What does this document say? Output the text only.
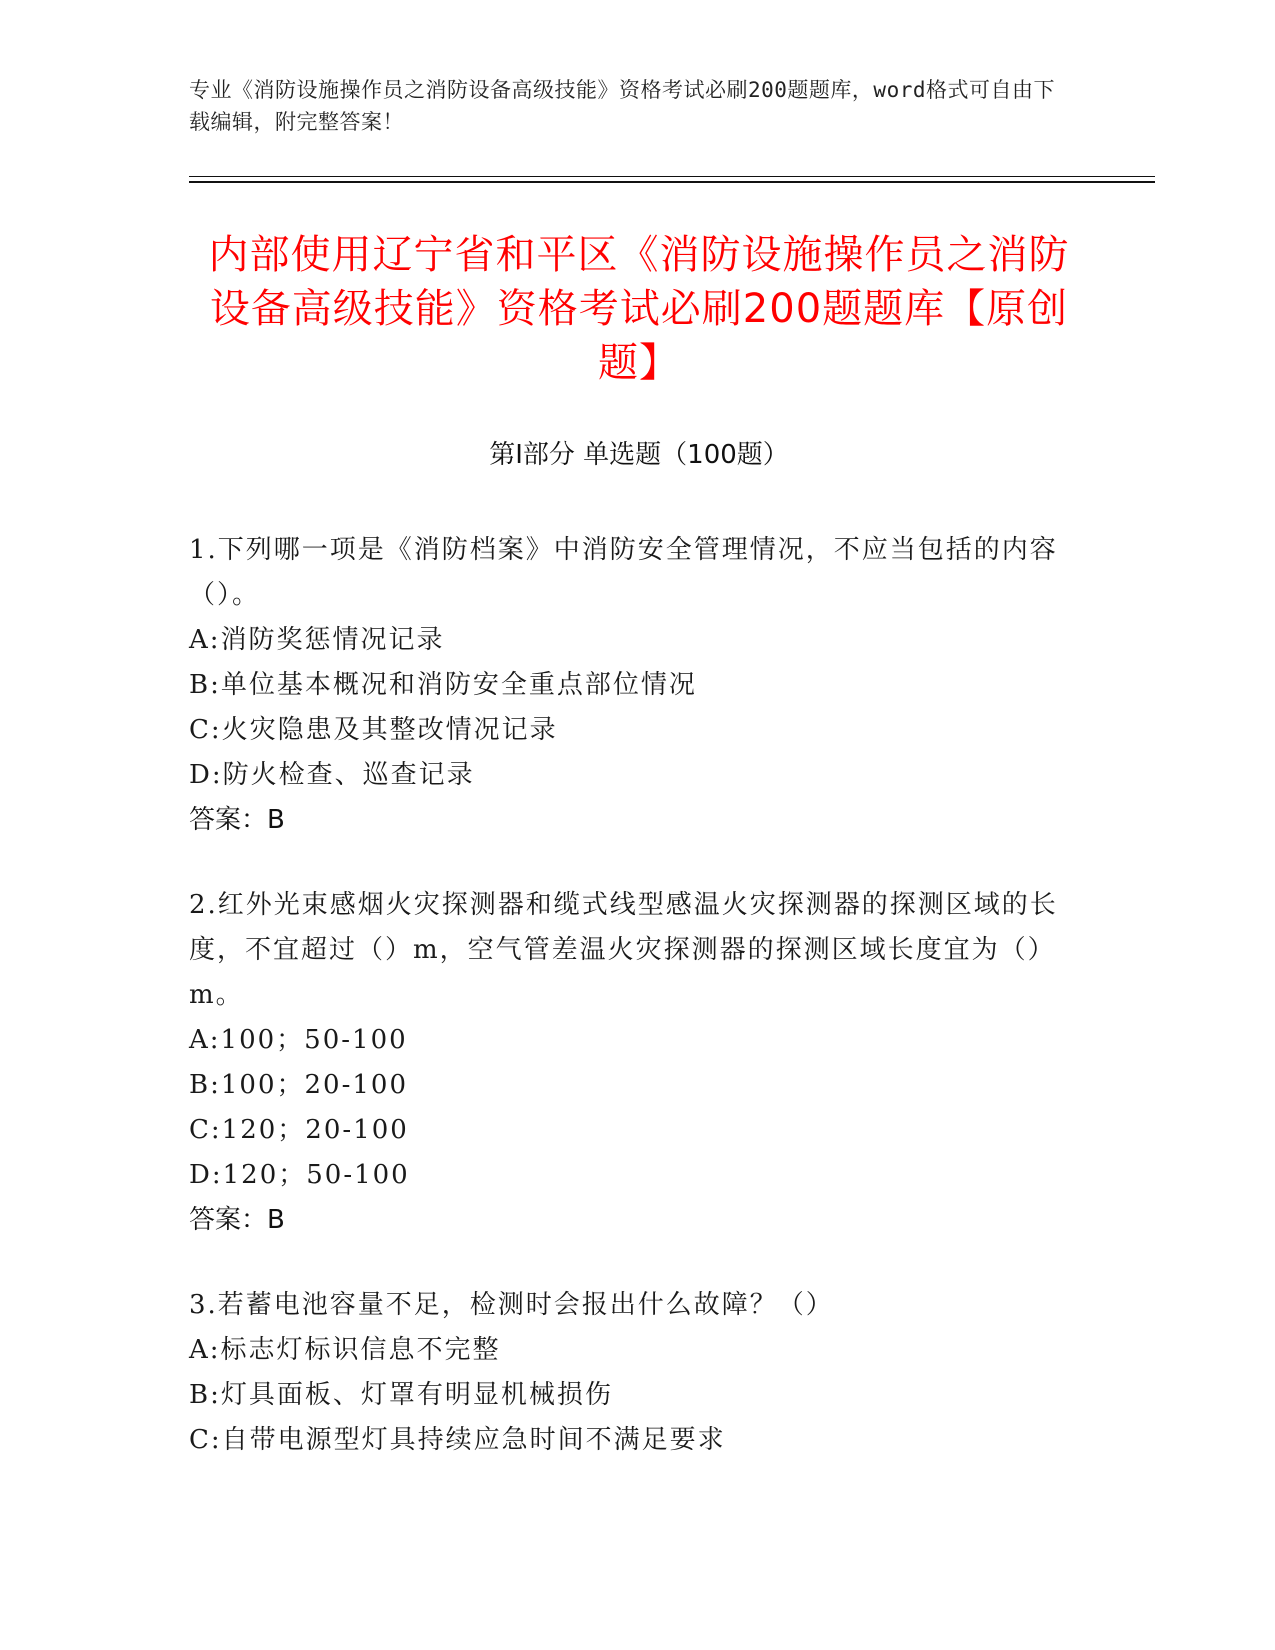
专业《消防设施操作员之消防设备高级技能》资格考试必刷200题题库，word格式可自由下载编辑，附完整答案！
内部使用辽宁省和平区《消防设施操作员之消防设备高级技能》资格考试必刷200题题库【原创题】
第I部分 单选题（100题）
1.下列哪一项是《消防档案》中消防安全管理情况，不应当包括的内容（）。
A:消防奖惩情况记录
B:单位基本概况和消防安全重点部位情况
C:火灾隐患及其整改情况记录
D:防火检查、巡查记录
答案：B
2.红外光束感烟火灾探测器和缆式线型感温火灾探测器的探测区域的长度，不宜超过（）m，空气管差温火灾探测器的探测区域长度宜为（）m。
A:100；50-100
B:100；20-100
C:120；20-100
D:120；50-100
答案：B
3.若蓄电池容量不足，检测时会报出什么故障？（）
A:标志灯标识信息不完整
B:灯具面板、灯罩有明显机械损伤
C:自带电源型灯具持续应急时间不满足要求
